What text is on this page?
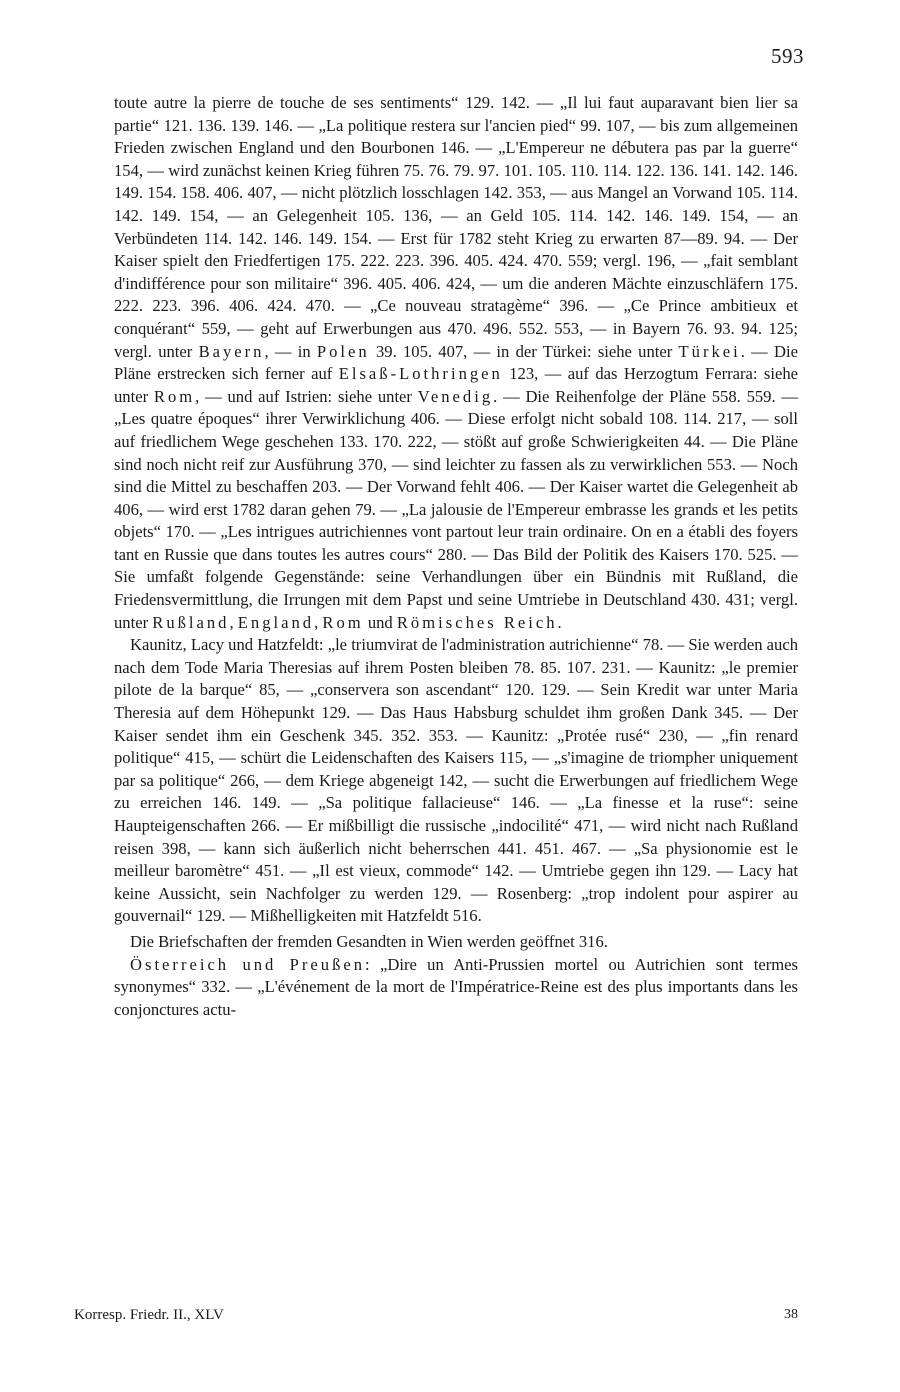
593

toute autre la pierre de touche de ses sentiments“ 129. 142. — „Il lui faut auparavant bien lier sa partie“ 121. 136. 139. 146. — „La politique restera sur l'ancien pied“ 99. 107, — bis zum allgemeinen Frieden zwischen England und den Bourbonen 146. — „L'Empereur ne débutera pas par la guerre“ 154, — wird zunächst keinen Krieg führen 75. 76. 79. 97. 101. 105. 110. 114. 122. 136. 141. 142. 146. 149. 154. 158. 406. 407, — nicht plötzlich losschlagen 142. 353, — aus Mangel an Vorwand 105. 114. 142. 149. 154, — an Gelegenheit 105. 136, — an Geld 105. 114. 142. 146. 149. 154, — an Verbündeten 114. 142. 146. 149. 154. — Erst für 1782 steht Krieg zu erwarten 87—89. 94. — Der Kaiser spielt den Friedfertigen 175. 222. 223. 396. 405. 424. 470. 559; vergl. 196, — „fait semblant d'indifférence pour son militaire“ 396. 405. 406. 424, — um die anderen Mächte einzuschläfern 175. 222. 223. 396. 406. 424. 470. — „Ce nouveau stratagème“ 396. — „Ce Prince ambitieux et conquérant“ 559, — geht auf Erwerbungen aus 470. 496. 552. 553, — in Bayern 76. 93. 94. 125; vergl. unter Bayern, — in Polen 39. 105. 407, — in der Türkei: siehe unter Türkei. — Die Pläne erstrecken sich ferner auf Elsaß-Lothringen 123, — auf das Herzogtum Ferrara: siehe unter Rom, — und auf Istrien: siehe unter Venedig. — Die Reihenfolge der Pläne 558. 559. — „Les quatre époques“ ihrer Verwirklichung 406. — Diese erfolgt nicht sobald 108. 114. 217, — soll auf friedlichem Wege geschehen 133. 170. 222, — stößt auf große Schwierigkeiten 44. — Die Pläne sind noch nicht reif zur Ausführung 370, — sind leichter zu fassen als zu verwirklichen 553. — Noch sind die Mittel zu beschaffen 203. — Der Vorwand fehlt 406. — Der Kaiser wartet die Gelegenheit ab 406, — wird erst 1782 daran gehen 79. — „La jalousie de l'Empereur embrasse les grands et les petits objets“ 170. — „Les intrigues autrichiennes vont partout leur train ordinaire. On en a établi des foyers tant en Russie que dans toutes les autres cours“ 280. — Das Bild der Politik des Kaisers 170. 525. — Sie umfaßt folgende Gegenstände: seine Verhandlungen über ein Bündnis mit Rußland, die Friedensvermittlung, die Irrungen mit dem Papst und seine Umtriebe in Deutschland 430. 431; vergl. unter Rußland, England, Rom und Römisches Reich.

Kaunitz, Lacy und Hatzfeldt: „le triumvirat de l'administration autrichienne“ 78. — Sie werden auch nach dem Tode Maria Theresias auf ihrem Posten bleiben 78. 85. 107. 231. — Kaunitz: „le premier pilote de la barque“ 85, — „conservera son ascendant“ 120. 129. — Sein Kredit war unter Maria Theresia auf dem Höhepunkt 129. — Das Haus Habsburg schuldet ihm großen Dank 345. — Der Kaiser sendet ihm ein Geschenk 345. 352. 353. — Kaunitz: „Protée rusé“ 230, — „fin renard politique“ 415, — schürt die Leidenschaften des Kaisers 115, — „s'imagine de triompher uniquement par sa politique“ 266, — dem Kriege abgeneigt 142, — sucht die Erwerbungen auf friedlichem Wege zu erreichen 146. 149. — „Sa politique fallacieuse“ 146. — „La finesse et la ruse“: seine Haupteigenschaften 266. — Er mißbilligt die russische „indocilité“ 471, — wird nicht nach Rußland reisen 398, — kann sich äußerlich nicht beherrschen 441. 451. 467. — „Sa physionomie est le meilleur baromètre“ 451. — „Il est vieux, commode“ 142. — Umtriebe gegen ihn 129. — Lacy hat keine Aussicht, sein Nachfolger zu werden 129. — Rosenberg: „trop indolent pour aspirer au gouvernail“ 129. — Mißhelligkeiten mit Hatzfeldt 516.

Die Briefschaften der fremden Gesandten in Wien werden geöffnet 316.

Österreich und Preußen: „Dire un Anti-Prussien mortel ou Autrichien sont termes synonymes“ 332. — „L'événement de la mort de l'Impératrice-Reine est des plus importants dans les conjonctures actu-

Korresp. Friedr. II., XLV	38
